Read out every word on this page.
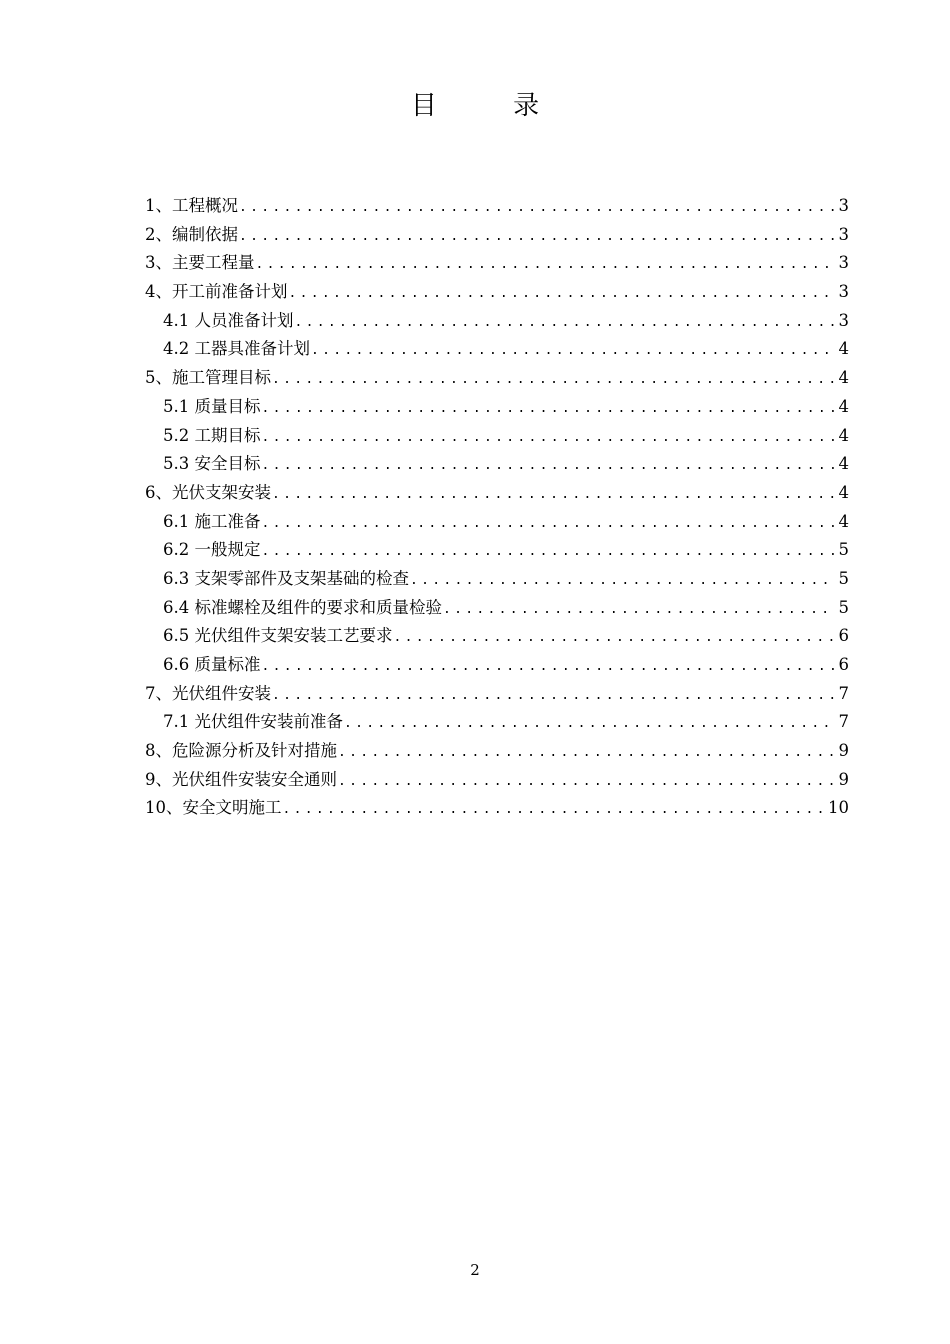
目 录
1、工程概况 .....	3
2、编制依据 .....	3
3、主要工程量 .....	3
4、开工前准备计划 .....	3
4.1 人员准备计划 .....	3
4.2 工器具准备计划 .....	4
5、施工管理目标 .....	4
5.1 质量目标 .....	4
5.2 工期目标 .....	4
5.3 安全目标 .....	4
6、光伏支架安装 .....	4
6.1 施工准备 .....	4
6.2 一般规定 .....	5
6.3 支架零部件及支架基础的检查 .....	5
6.4 标准螺栓及组件的要求和质量检验 .....	5
6.5 光伏组件支架安装工艺要求 .....	6
6.6 质量标准 .....	6
7、光伏组件安装 .....	7
7.1 光伏组件安装前准备 .....	7
8、危险源分析及针对措施 .....	9
9、光伏组件安装安全通则 .....	9
10、安全文明施工 .....	10
2
